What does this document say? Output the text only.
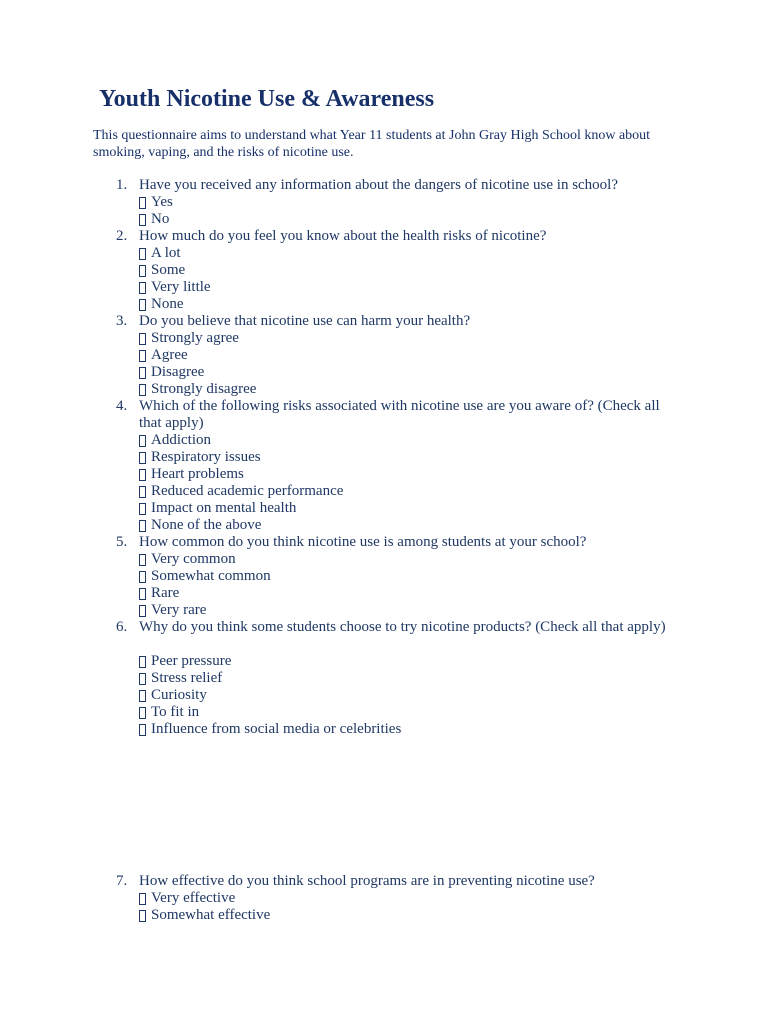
Youth Nicotine Use & Awareness

This questionnaire aims to understand what Year 11 students at John Gray High School know about smoking, vaping, and the risks of nicotine use.

1. Have you received any information about the dangers of nicotine use in school?
Yes
No
2. How much do you feel you know about the health risks of nicotine?
A lot
Some
Very little
None
3. Do you believe that nicotine use can harm your health?
Strongly agree
Agree
Disagree
Strongly disagree
4. Which of the following risks associated with nicotine use are you aware of? (Check all that apply)
Addiction
Respiratory issues
Heart problems
Reduced academic performance
Impact on mental health
None of the above
5. How common do you think nicotine use is among students at your school?
Very common
Somewhat common
Rare
Very rare
6. Why do you think some students choose to try nicotine products? (Check all that apply)
Peer pressure
Stress relief
Curiosity
To fit in
Influence from social media or celebrities
7. How effective do you think school programs are in preventing nicotine use?
Very effective
Somewhat effective
